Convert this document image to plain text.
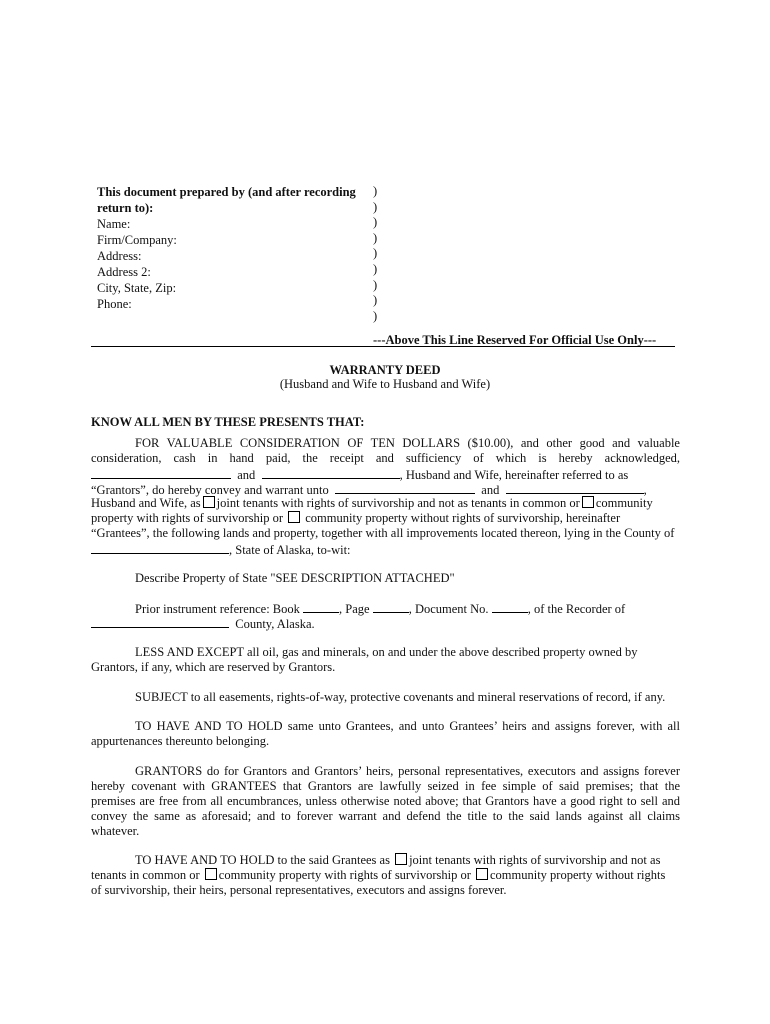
This document prepared by (and after recording
return to):
Name:
Firm/Company:
Address:
Address 2:
City, State, Zip:
Phone:
)
)
)
)
)
)
)
)
)
---Above This Line Reserved For Official Use Only---
WARRANTY DEED
(Husband and Wife to Husband and Wife)
KNOW ALL MEN BY THESE PRESENTS THAT:
FOR VALUABLE CONSIDERATION OF TEN DOLLARS ($10.00), and other good and valuable
consideration, cash in hand paid, the receipt and sufficiency of which is hereby acknowledged,
and	, Husband and Wife, hereinafter referred to as
“Grantors”, do hereby convey and warrant unto	and	,
Husband and Wife, as joint tenants with rights of survivorship and not as tenants in common or community
property with rights of survivorship or community property without rights of survivorship, hereinafter
“Grantees”, the following lands and property, together with all improvements located thereon, lying in the County of
, State of Alaska, to-wit:
Describe Property of State "SEE DESCRIPTION ATTACHED"
Prior instrument reference: Book	, Page	, Document No.	, of the Recorder of
County, Alaska.
LESS AND EXCEPT all oil, gas and minerals, on and under the above described property owned by
Grantors, if any, which are reserved by Grantors.
SUBJECT to all easements, rights-of-way, protective covenants and mineral reservations of record, if any.
TO HAVE AND TO HOLD same unto Grantees, and unto Grantees’ heirs and assigns forever, with all
appurtenances thereunto belonging.
GRANTORS do for Grantors and Grantors’ heirs, personal representatives, executors and assigns forever
hereby covenant with GRANTEES that Grantors are lawfully seized in fee simple of said premises; that the
premises are free from all encumbrances, unless otherwise noted above; that Grantors have a good right to sell and
convey the same as aforesaid; and to forever warrant and defend the title to the said lands against all claims
whatever.
TO HAVE AND TO HOLD to the said Grantees as joint tenants with rights of survivorship and not as
tenants in common or community property with rights of survivorship or community property without rights
of survivorship, their heirs, personal representatives, executors and assigns forever.
